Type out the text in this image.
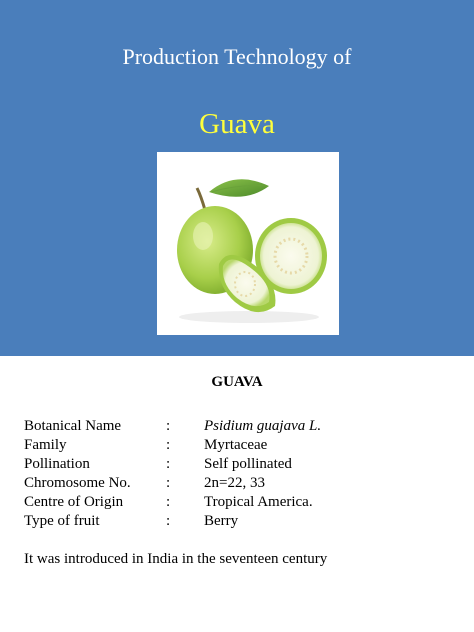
Production Technology of
Guava
GUAVA
Botanical Name	: Psidium guajava L.
Family	: Myrtaceae
Pollination	: Self pollinated
Chromosome No. : 2n=22, 33
Centre of Origin	: Tropical America.
Type of fruit	: Berry
It was introduced in India in the seventeen century
